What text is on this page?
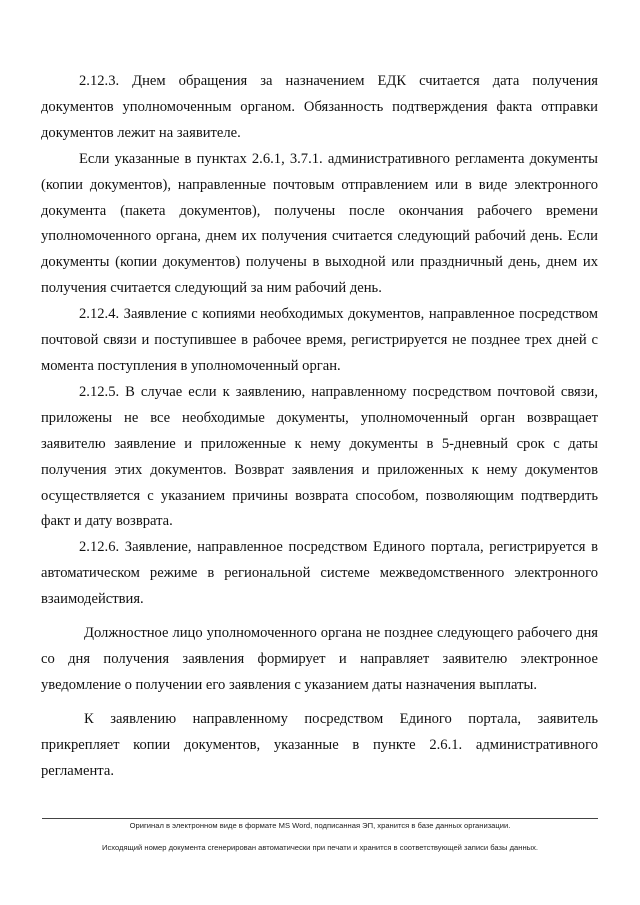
2.12.3. Днем обращения за назначением ЕДК считается дата получения документов уполномоченным органом. Обязанность подтверждения факта отправки документов лежит на заявителе.

Если указанные в пунктах 2.6.1, 3.7.1. административного регламента документы (копии документов), направленные почтовым отправлением или в виде электронного документа (пакета документов), получены после окончания рабочего времени уполномоченного органа, днем их получения считается следующий рабочий день. Если документы (копии документов) получены в выходной или праздничный день, днем их получения считается следующий за ним рабочий день.

2.12.4. Заявление с копиями необходимых документов, направленное посредством почтовой связи и поступившее в рабочее время, регистрируется не позднее трех дней с момента поступления в уполномоченный орган.

2.12.5. В случае если к заявлению, направленному посредством почтовой связи, приложены не все необходимые документы, уполномоченный орган возвращает заявителю заявление и приложенные к нему документы в 5-дневный срок с даты получения этих документов. Возврат заявления и приложенных к нему документов осуществляется с указанием причины возврата способом, позволяющим подтвердить факт и дату возврата.

2.12.6. Заявление, направленное посредством Единого портала, регистрируется в автоматическом режиме в региональной системе межведомственного электронного взаимодействия.

Должностное лицо уполномоченного органа не позднее следующего рабочего дня со дня получения заявления формирует и направляет заявителю электронное уведомление о получении его заявления с указанием даты назначения выплаты.

К заявлению направленному посредством Единого портала, заявитель прикрепляет копии документов, указанные в пункте 2.6.1. административного регламента.

Оригинал в электронном виде в формате MS Word, подписанная ЭП, хранится в базе данных организации.
Исходящий номер документа сгенерирован автоматически при печати и хранится в соответствующей записи базы данных.
